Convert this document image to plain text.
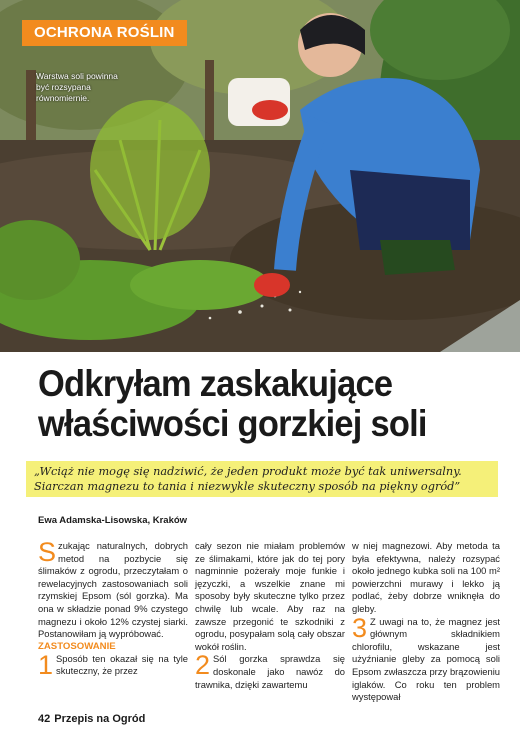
OCHRONA ROŚLIN
Warstwa soli powinna być rozsypana równomiernie.
Odkryłam zaskakujące
właściwości gorzkiej soli
„Wciąż nie mogę się nadziwić, że jeden produkt może być tak uniwersalny.
Siarczan magnezu to tania i niezwykle skuteczny sposób na piękny ogród”
Ewa Adamska-Lisowska, Kraków

Szukając naturalnych, dobrych metod na pozbycie się ślimaków z ogrodu, przeczytałam o rewelacyjnych zastosowaniach soli rzymskiej Epsom (sól gorzka). Ma ona w składzie ponad 9% czystego magnezu i około 12% czystej siarki. Postanowiłam ją wypróbować.

ZASTOSOWANIE

1 Sposób ten okazał się na tyle skuteczny, że przez

cały sezon nie miałam problemów ze ślimakami, które jak do tej pory nagminnie pożerały moje funkie i języczki, a wszelkie znane mi sposoby były skuteczne tylko przez chwilę lub wcale. Aby raz na zawsze przegonić te szkodniki z ogrodu, posypałam solą cały obszar wokół roślin.

2 Sól gorzka sprawdza się doskonale jako nawóz do trawnika, dzięki zawartemu

w niej magnezowi. Aby metoda ta była efektywna, należy rozsypać około jednego kubka soli na 100 m² powierzchni murawy i lekko ją podlać, żeby dobrze wniknęła do gleby.

3 Z uwagi na to, że magnez jest głównym składnikiem chlorofilu, wskazane jest użyźnianie gleby za pomocą soli Epsom zwłaszcza przy brązowieniu iglaków. Co roku ten problem występował

42 Przepis na Ogród
